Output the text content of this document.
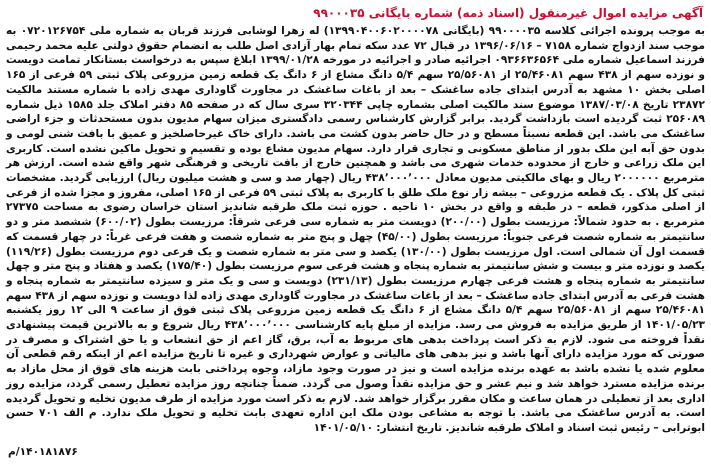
آگهی مزایده اموال غیرمنقول (اسناد ذمه) شماره بایگانی ۹۹۰۰۰۳۵

به موجب پرونده اجرائی کلاسه ۹۹۰۰۰۰۳۵ (بایگانی ۱۳۹۹۰۴۰۰۶۰۲۰۰۰۰۷۸) له زهرا لوشابی فرزند قربان به شماره ملی ۰۷۲۰۱۲۶۷۵۴ به موجب سند ازدواج شماره ۷۱۵۸ – ۱۳۹۶/۰۶/۱۶ در قبال ۷۲ عدد سکه تمام بهار آزادی اصل طلب به انضمام حقوق دولتی علیه محمد رحیمی فرزند اسماعیل شماره ملی ۰۹۳۶۶۳۶۵۶۴ اجرائیه صادر و اجرائیه در مورخه ۱۳۹۹/۰۱/۲۸ ابلاغ سپس به درخواست بستانکار تمامت دویست و نوزده سهم از ۴۳۸ سهم ۲۵/۴۶۰۸۱ از ۲۵/۵۶۰۸۱ سهم ۵/۴ دانگ مشاع از ۶ دانگ یک قطعه زمین مزروعی پلاک ثبتی ۵۹ فرعی از ۱۶۵ اصلی بخش ۱۰ مشهد به آدرس ابتدای جاده ساغشک – بعد از باغات ساغشک در مجاورت گاوداری مهدی زاده با شماره مستند مالکیت ۲۳۸۷۲ تاریخ ۱۳۸۷/۰۳/۰۸ موضوع سند مالکیت اصلی بشماره چاپی ۳۲۰۳۴۴ سری سال که در صفحه ۸۵ دفتر املاک جلد ۱۵۸۵ ذیل شماره ۲۵۶۰۸۹ ثبت گردیده است بازداشت گردید. برابر گزارش کارشناس رسمی دادگستری میزان سهام مدیون بدون مستحدثات و جزء اراضی ساغشک می باشد. این قطعه نسبتاً مسطح و در حال حاضر بدون کشت می باشد. دارای خاک غیرحاصلخیز و عمیق با بافت شنی لومی و بدون حق آبه این ملک بدور از مناطق مسکونی و تجاری قرار دارد. سهام مدیون مشاع بوده و تقسیم و تحویل ماکین نشده است. کاربری این ملک زراعی و خارج از محدوده خدمات شهری می باشد و همچنین خارج از بافت تاریخی و فرهنگی شهر واقع شده است. ارزش هر مترمربع ۲۰۰۰۰۰۰ ریال و بهای مالکیتی مدیون معادل ۴۳۸٬۰۰۰٬۰۰۰ ریال (چهار صد و سی و هشت میلیون ریال) ارزیابی گردید. مشخصات ثبتی کل پلاک . یک قطعه مزروعی – بیشه زار نوع ملک طلق با کاربری به پلاک ثبتی ۵۹ فرعی از ۱۶۵ اصلی، مفروز و مجزا شده از فرعی از اصلی مذکور، قطعه – در طبقه و واقع در بخش ۱۰ ناحیه . حوزه ثبت ملک طرقبه شاندیز استان خراسان رضوی به مساحت ۲۷۳۷۵ مترمربع . به حدود شمالاً: مرزیست بطول (۲۰۰/۰۰) دویست متر به شماره سی فرعی شرقاً: مرزیست بطول (۶۰۰/۰۲) ششصد متر و دو سانتیمتر به شماره شصت فرعی جنوباً: مرزیست بطول (۴۵/۰۰) چهل و پنج متر به شماره شصت و هفت فرعی غرباً: در چهار قسمت که قسمت اول آن شمالی است. اول مرزیست بطول (۱۳۰/۰۰) یکصد و سی متر به شماره شصت و یک فرعی دوم مرزیست بطول (۱۱۹/۲۶) یکصد و نوزده متر و بیست و شش سانتیمتر به شماره پنجاه و هشت فرعی سوم مرزیست بطول (۱۷۵/۴۰) یکصد و هفتاد و پنج متر و چهل سانتیمتر به شماره پنجاه و هشت فرعی چهارم مرزیست بطول (۲۳۱/۱۳) دویست و سی و یک متر و سیزده سانتیمتر به شماره پنجاه و هشت فرعی به آدرس ابتدای جاده ساغشک – بعد از باغات ساغشک در مجاورت گاوداری مهدی زاده لذا دویست و نوزده سهم از ۴۳۸ سهم ۲۵/۴۶۰۸۱ سهم از ۲۵/۵۶۰۸۱ سهم ۵/۴ دانگ مشاع از ۶ دانگ یک قطعه زمین مزروعی پلاک ثبتی فوق از ساعت ۹ الی ۱۲ روز یکشنبه ۱۴۰۱/۰۵/۲۳ از طریق مزایده به فروش می رسد. مزایده از مبلغ پایه کارشناسی ۴۳۸٬۰۰۰٬۰۰۰ ریال شروع و به بالاترین قیمت پیشنهادی نقداً فروخته می شود. لازم به ذکر است پرداخت بدهی های مربوط به آب، برق، گاز اعم از حق انشعاب و یا حق اشتراک و مصرف در صورتی که مورد مزایده دارای آنها باشد و نیز بدهی های مالیاتی و عوارض شهرداری و غیره تا تاریخ مزایده اعم از اینکه رقم قطعی آن معلوم شده یا نشده باشد به عهده برنده مزایده است و نیز در صورت وجود مازاد، وجوه پرداختی بابت هزینه های فوق از محل مازاد به برنده مزایده مسترد خواهد شد و نیم عشر و حق مزایده نقداً وصول می گردد. ضمناً چنانچه روز مزایده تعطیل رسمی گردد، مزایده روز اداری بعد از تعطیلی در همان ساعت و مکان مقرر برگزار خواهد شد. لازم به ذکر است مورد مزایده از طرف مدیون تخلیه و تحویل گردیده است. به آدرس ساغشک می باشد. با توجه به مشاعی بودن ملک این اداره تعهدی بابت تخلیه و تحویل ملک ندارد. م الف ۷۰۱ حسن ابوترابی – رئیس ثبت اسناد و املاک طرقبه شاندیز. تاریخ انتشار: ۱۴۰۱/۰۵/۱۰

۱۴۰۱۸۱۸۷۶/م
